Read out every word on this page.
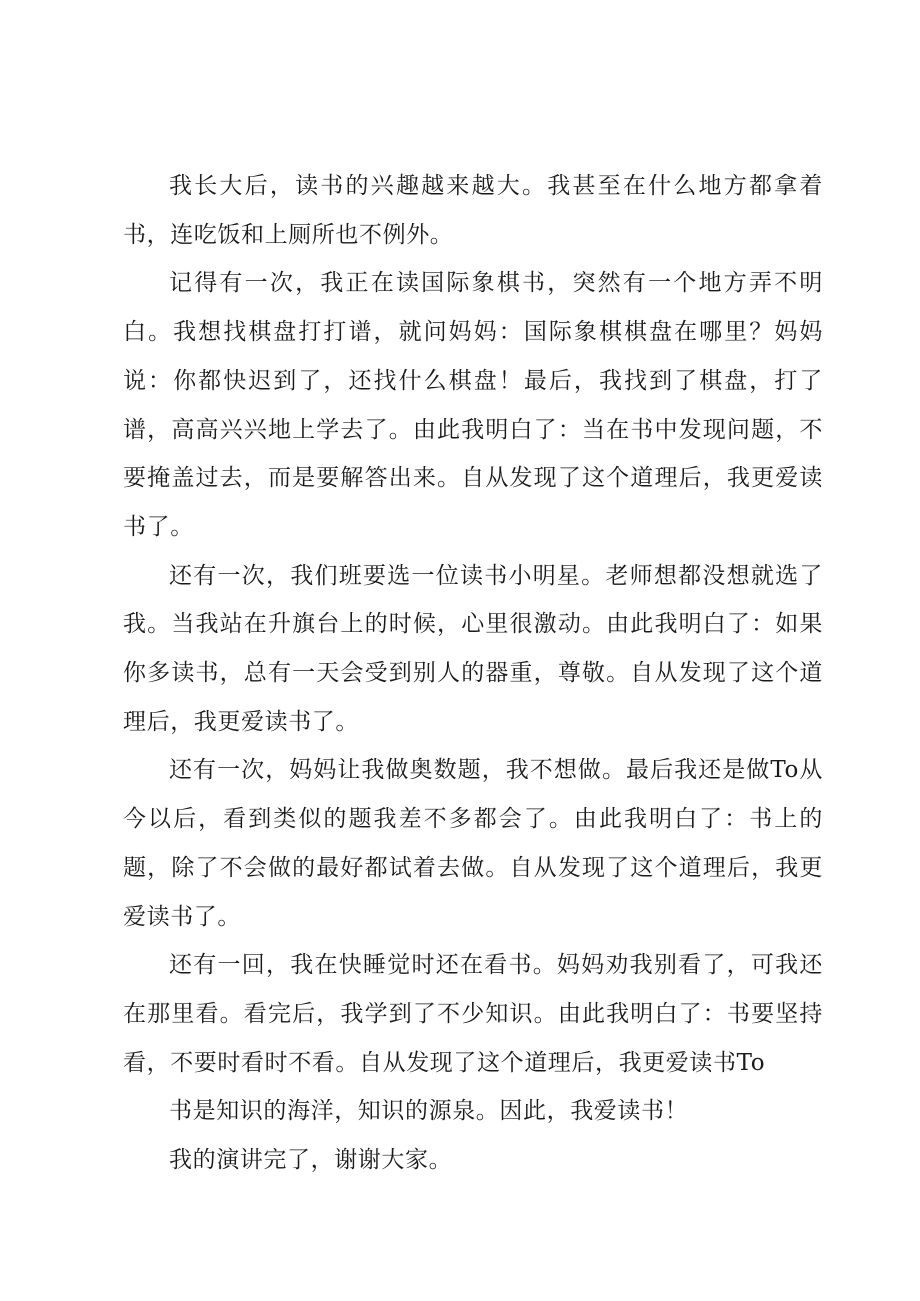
我长大后，读书的兴趣越来越大。我甚至在什么地方都拿着书，连吃饭和上厕所也不例外。

记得有一次，我正在读国际象棋书，突然有一个地方弄不明白。我想找棋盘打打谱，就问妈妈：国际象棋棋盘在哪里？妈妈说：你都快迟到了，还找什么棋盘！最后，我找到了棋盘，打了谱，高高兴兴地上学去了。由此我明白了：当在书中发现问题，不要掩盖过去，而是要解答出来。自从发现了这个道理后，我更爱读书了。

还有一次，我们班要选一位读书小明星。老师想都没想就选了我。当我站在升旗台上的时候，心里很激动。由此我明白了：如果你多读书，总有一天会受到别人的器重，尊敬。自从发现了这个道理后，我更爱读书了。

还有一次，妈妈让我做奥数题，我不想做。最后我还是做To从今以后，看到类似的题我差不多都会了。由此我明白了：书上的题，除了不会做的最好都试着去做。自从发现了这个道理后，我更爱读书了。

还有一回，我在快睡觉时还在看书。妈妈劝我别看了，可我还在那里看。看完后，我学到了不少知识。由此我明白了：书要坚持看，不要时看时不看。自从发现了这个道理后，我更爱读书To

书是知识的海洋，知识的源泉。因此，我爱读书！

我的演讲完了，谢谢大家。
